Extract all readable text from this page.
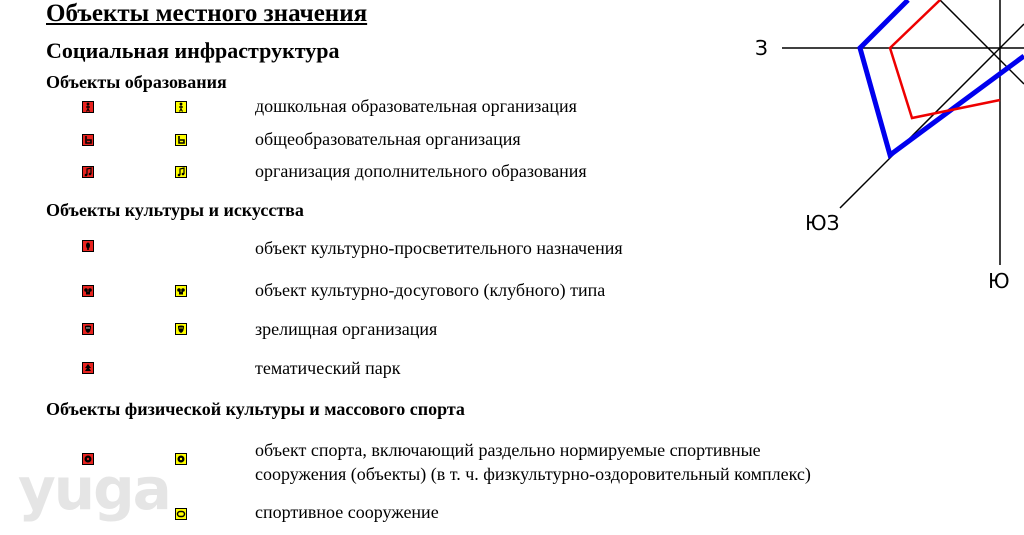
Объекты местного значения
Социальная инфраструктура
Объекты образования
дошкольная образовательная организация
общеобразовательная организация
организация дополнительного образования
Объекты культуры и искусства
объект культурно-просветительного назначения
объект культурно-досугового (клубного) типа
зрелищная организация
тематический парк
Объекты физической культуры и массового спорта
объект спорта, включающий раздельно нормируемые спортивные
сооружения (объекты) (в т. ч. физкультурно-оздоровительный комплекс)
спортивное сооружение
З
ЮЗ
Ю
yuga
